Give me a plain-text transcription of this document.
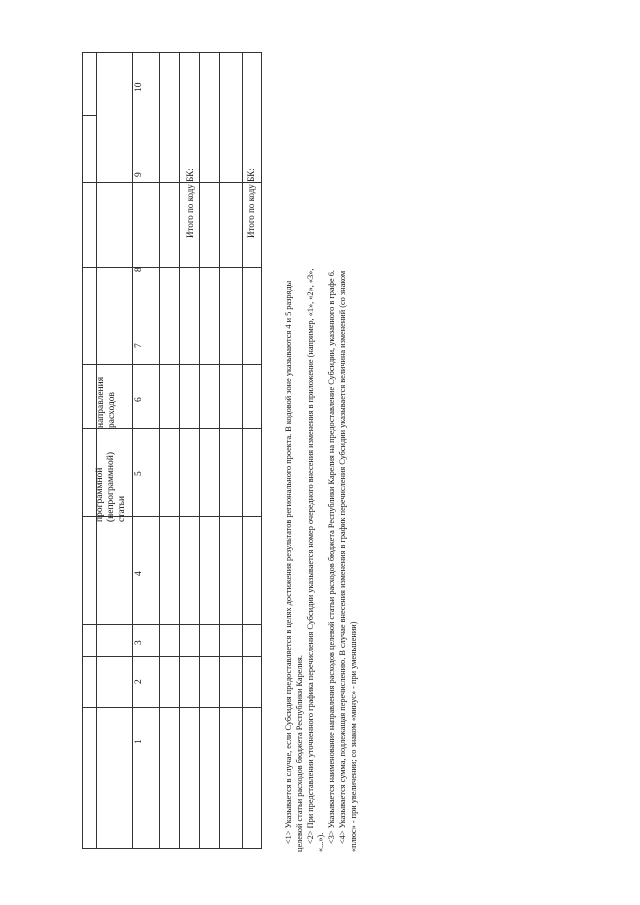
программной (непрограммной) статьи
направления расходов
1
2
3
4
5
6
7
8
9
10
Итого по коду БК:	Итого по коду БК:
<1> Указывается в случае, если Субсидия предоставляется в целях достижения результатов регионального проекта. В кодовой зоне указываются 4 и 5 разряды целевой статьи расходов бюджета Республики Карелия. <2> При представлении уточненного графика перечисления Субсидии указывается номер очередного внесения изменения в приложение (например, «1», «2», «3», «...»). <3> Указывается наименование направления расходов целевой статьи расходов бюджета Республики Карелия на предоставление Субсидии, указанного в графе 6. <4> Указывается сумма, подлежащая перечислению. В случае внесения изменения в график перечисления Субсидии указывается величина изменений (со знаком «плюс» - при увеличении; со знаком «минус» - при уменьшении)
